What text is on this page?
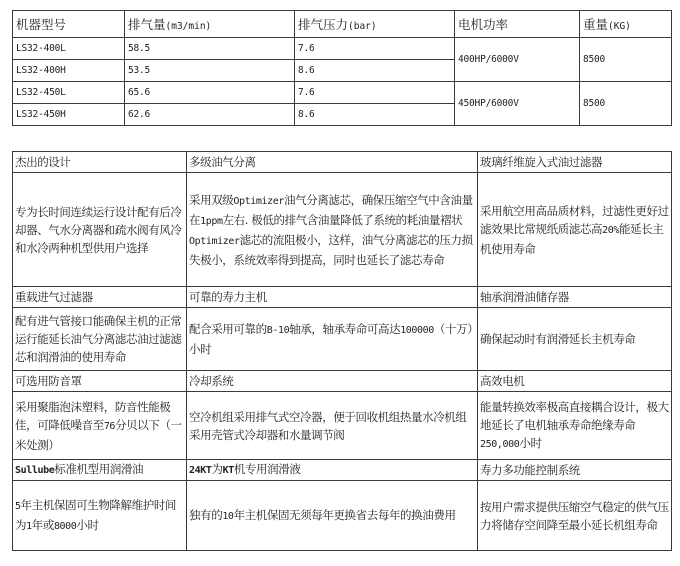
机器型号	排气量(m3/min)	排气压力(bar)	电机功率	重量(KG)
LS32-400L	58.5	7.6	400HP/6000V	8500
LS32-400H	53.5	8.6		
LS32-450L	65.6	7.6	450HP/6000V	8500
LS32-450H	62.6	8.6		
杰出的设计	多级油气分离	玻璃纤维旋入式油过滤器
专为长时间连续运行设计配有后冷却器、气水分离器和疏水阀有风冷和水冷两种机型供用户选择	采用双级Optimizer油气分离滤芯，确保压缩空气中含油量在1ppm左右. 极低的排气含油量降低了系统的耗油量褶状Optimizer滤芯的流阻极小，这样，油气分离滤芯的压力损失极小，系统效率得到提高，同时也延长了滤芯寿命	采用航空用高品质材料，过滤性更好过滤效果比常规纸质滤芯高20%能延长主机使用寿命
重载进气过滤器	可靠的寿力主机	轴承润滑油储存器
配有进气管接口能确保主机的正常运行能延长油气分离滤芯油过滤滤芯和润滑油的使用寿命	配合采用可靠的B-10轴承，轴承寿命可高达100000（十万）小时	确保起动时有润滑延长主机寿命
可选用防音罩	冷却系统	高效电机
采用聚脂泡沫塑料，防音性能极佳，可降低噪音至76分贝以下（一米处测）	空冷机组采用排气式空冷器，便于回收机组热量水冷机组采用壳管式冷却器和水量调节阀	能量转换效率极高直接耦合设计，极大地延长了电机轴承寿命绝缘寿命250,000小时
Sullube标准机型用润滑油	24KT为KT机专用润滑液	寿力多功能控制系统
5年主机保固可生物降解维护时间为1年或8000小时	独有的10年主机保固无须每年更换省去每年的换油费用	按用户需求提供压缩空气稳定的供气压力将储存空间降至最小延长机组寿命
